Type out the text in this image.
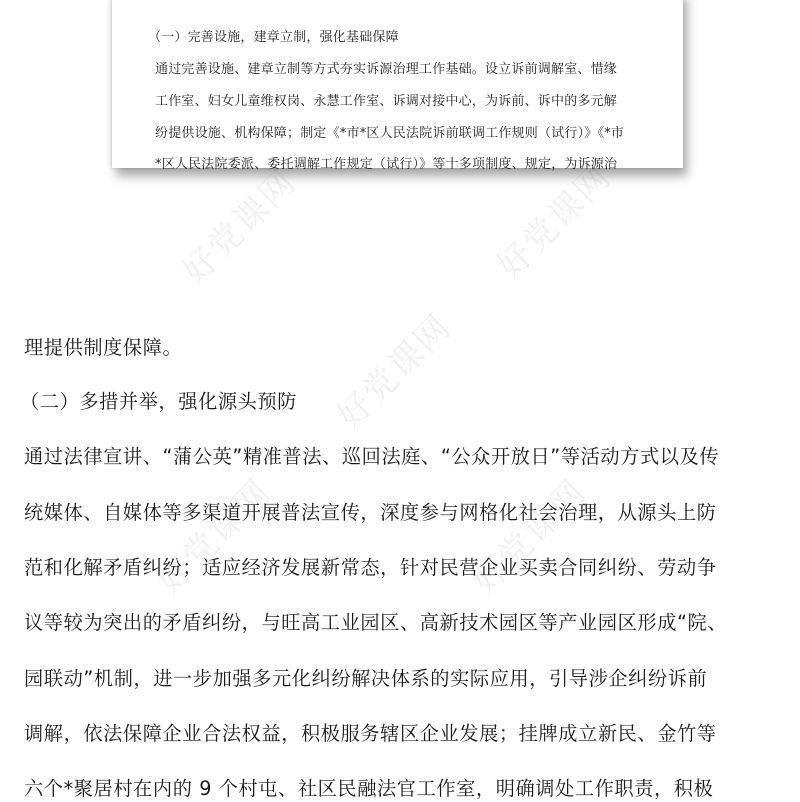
（一）完善设施，建章立制，强化基础保障
通过完善设施、建章立制等方式夯实诉源治理工作基础。设立诉前调解室、惜缘
工作室、妇女儿童维权岗、永慧工作室、诉调对接中心，为诉前、诉中的多元解
纷提供设施、机构保障；制定《*市*区人民法院诉前联调工作规则（试行）》《*市
*区人民法院委派、委托调解工作规定（试行）》等十多项制度、规定，为诉源治
好党课网	好党课网
好党课网
好党课网	好党课网
理提供制度保障。
（二）多措并举，强化源头预防
通过法律宣讲、“蒲公英”精准普法、巡回法庭、“公众开放日”等活动方式以及传
统媒体、自媒体等多渠道开展普法宣传，深度参与网格化社会治理，从源头上防
范和化解矛盾纠纷；适应经济发展新常态，针对民营企业买卖合同纠纷、劳动争
议等较为突出的矛盾纠纷，与旺高工业园区、高新技术园区等产业园区形成“院、
园联动”机制，进一步加强多元化纠纷解决体系的实际应用，引导涉企纠纷诉前
调解，依法保障企业合法权益，积极服务辖区企业发展；挂牌成立新民、金竹等
六个*聚居村在内的 9 个村屯、社区民融法官工作室，明确调处工作职责，积极
